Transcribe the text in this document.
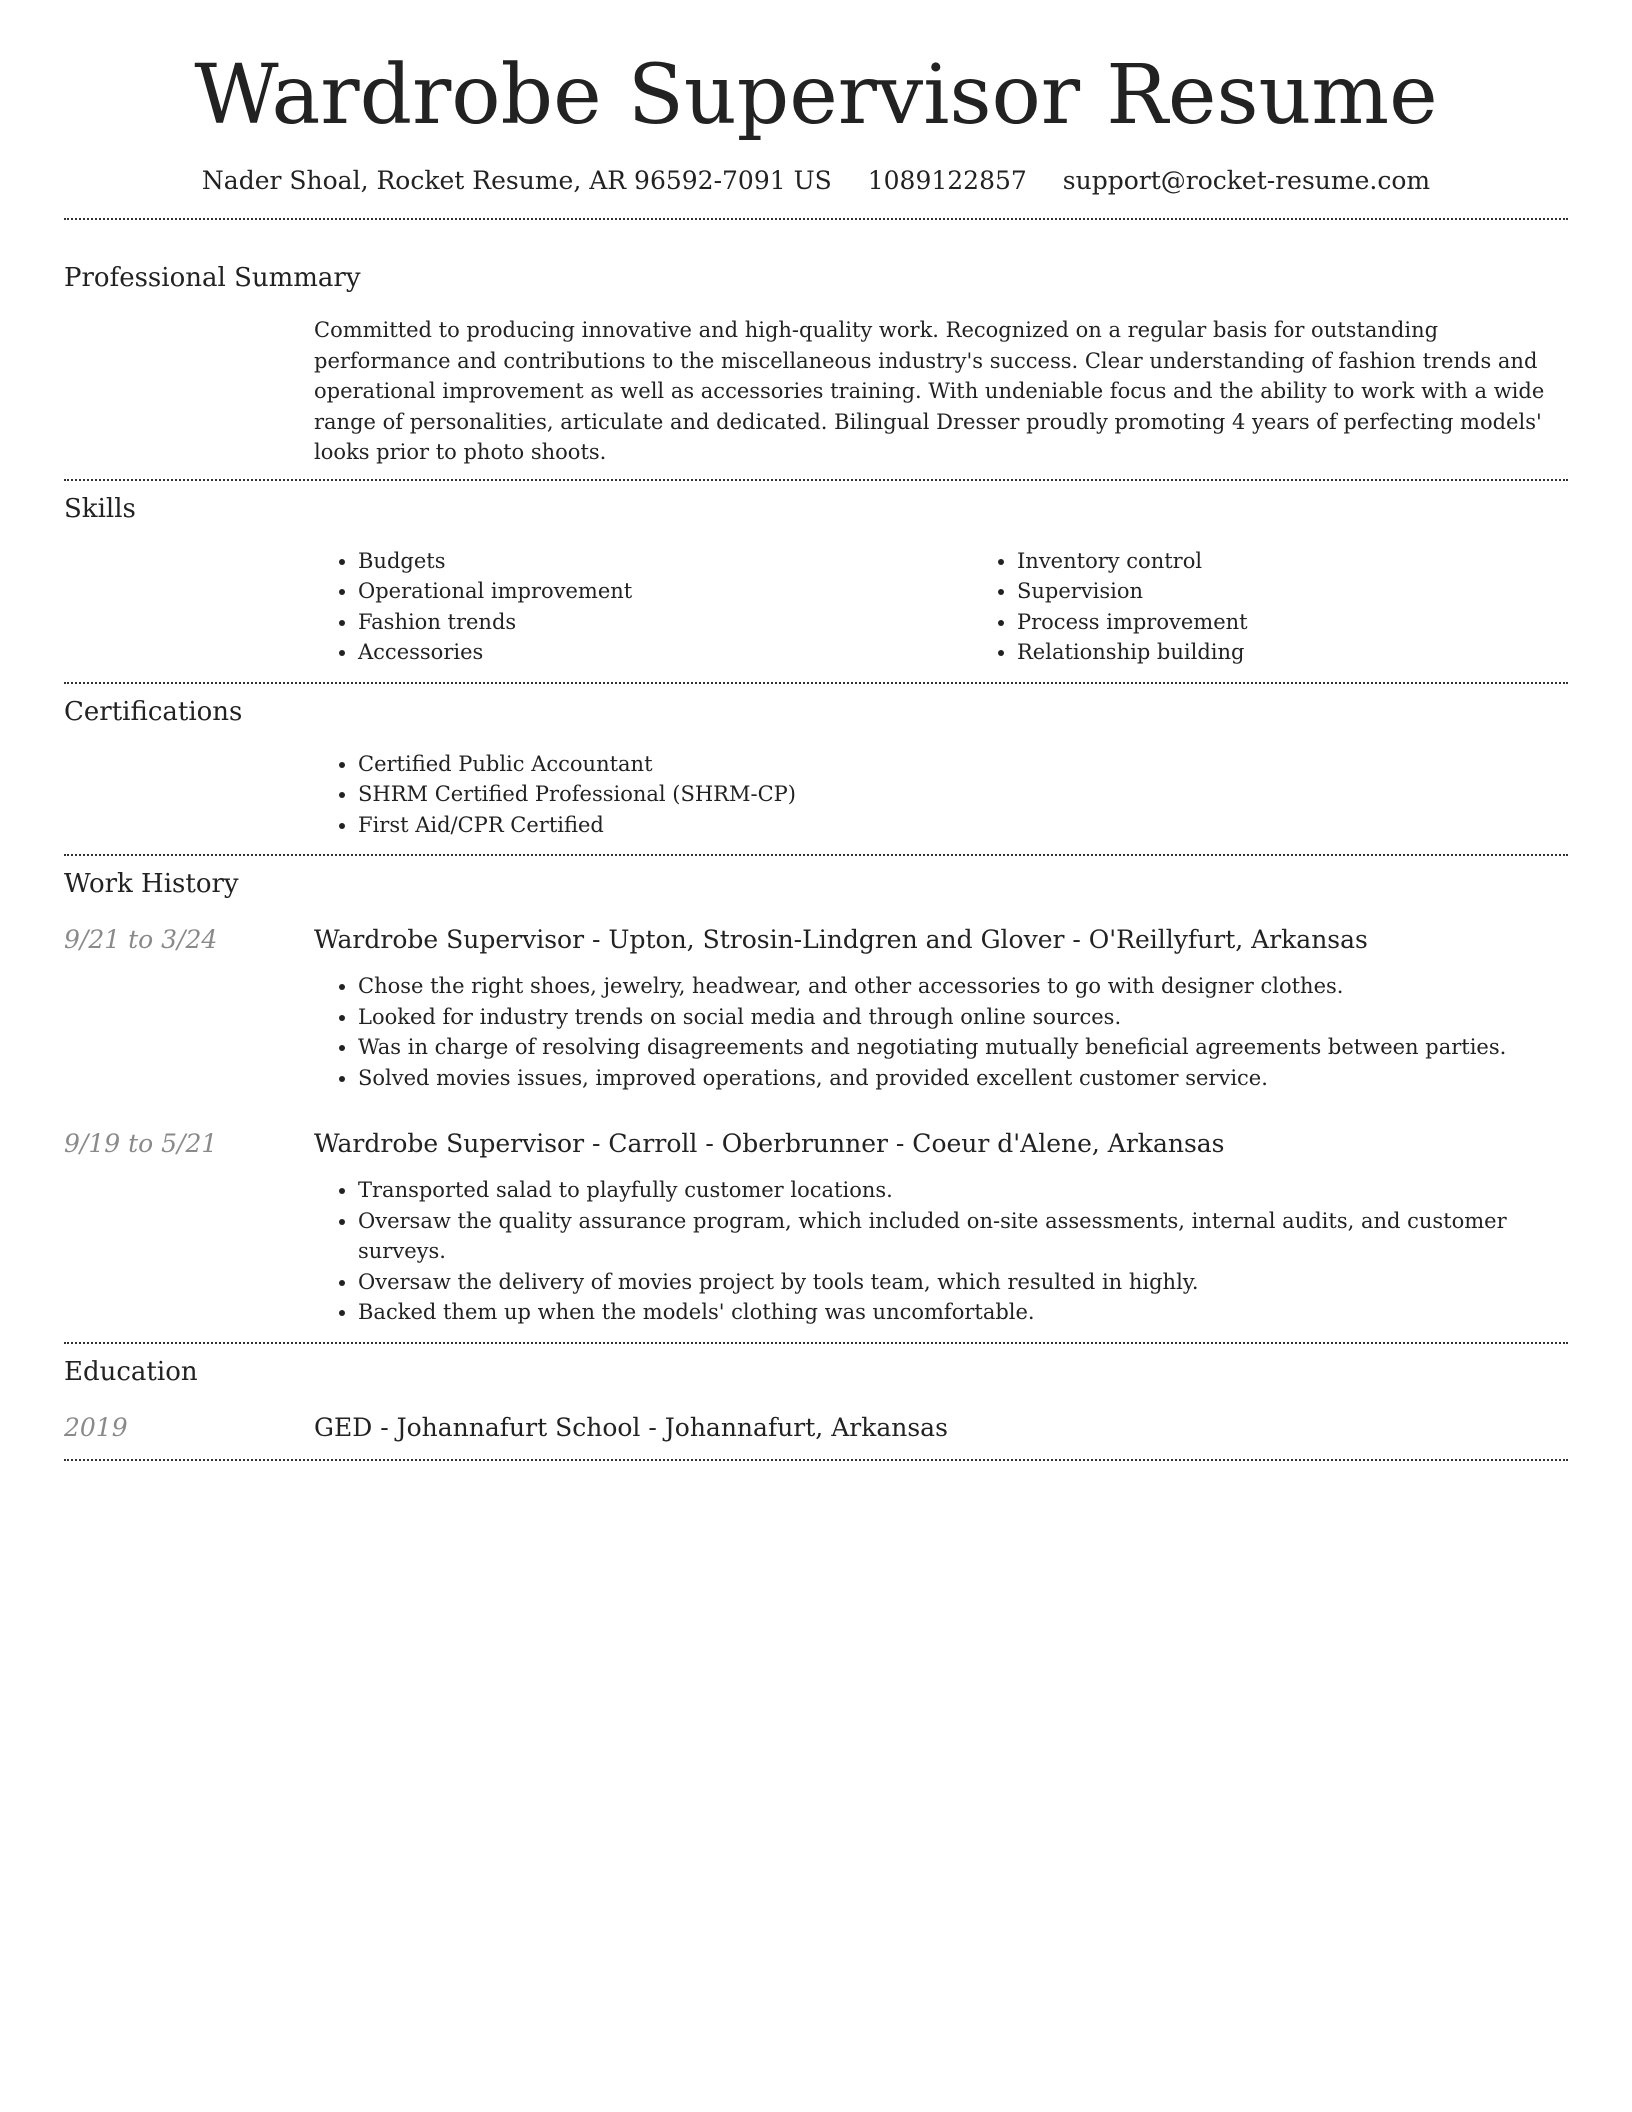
Wardrobe Supervisor Resume
Nader Shoal, Rocket Resume, AR 96592-7091 US 1089122857 support@rocket-resume.com
Professional Summary
Committed to producing innovative and high-quality work. Recognized on a regular basis for outstanding performance and contributions to the miscellaneous industry's success. Clear understanding of fashion trends and operational improvement as well as accessories training. With undeniable focus and the ability to work with a wide range of personalities, articulate and dedicated. Bilingual Dresser proudly promoting 4 years of perfecting models' looks prior to photo shoots.
Skills
• Budgets
• Operational improvement
• Fashion trends
• Accessories
• Inventory control
• Supervision
• Process improvement
• Relationship building
Certifications
• Certified Public Accountant
• SHRM Certified Professional (SHRM-CP)
• First Aid/CPR Certified
Work History
9/21 to 3/24	Wardrobe Supervisor - Upton, Strosin-Lindgren and Glover - O'Reillyfurt, Arkansas
• Chose the right shoes, jewelry, headwear, and other accessories to go with designer clothes.
• Looked for industry trends on social media and through online sources.
• Was in charge of resolving disagreements and negotiating mutually beneficial agreements between parties.
• Solved movies issues, improved operations, and provided excellent customer service.
9/19 to 5/21	Wardrobe Supervisor - Carroll - Oberbrunner - Coeur d'Alene, Arkansas
• Transported salad to playfully customer locations.
• Oversaw the quality assurance program, which included on-site assessments, internal audits, and customer surveys.
• Oversaw the delivery of movies project by tools team, which resulted in highly.
• Backed them up when the models' clothing was uncomfortable.
Education
2019	GED - Johannafurt School - Johannafurt, Arkansas
